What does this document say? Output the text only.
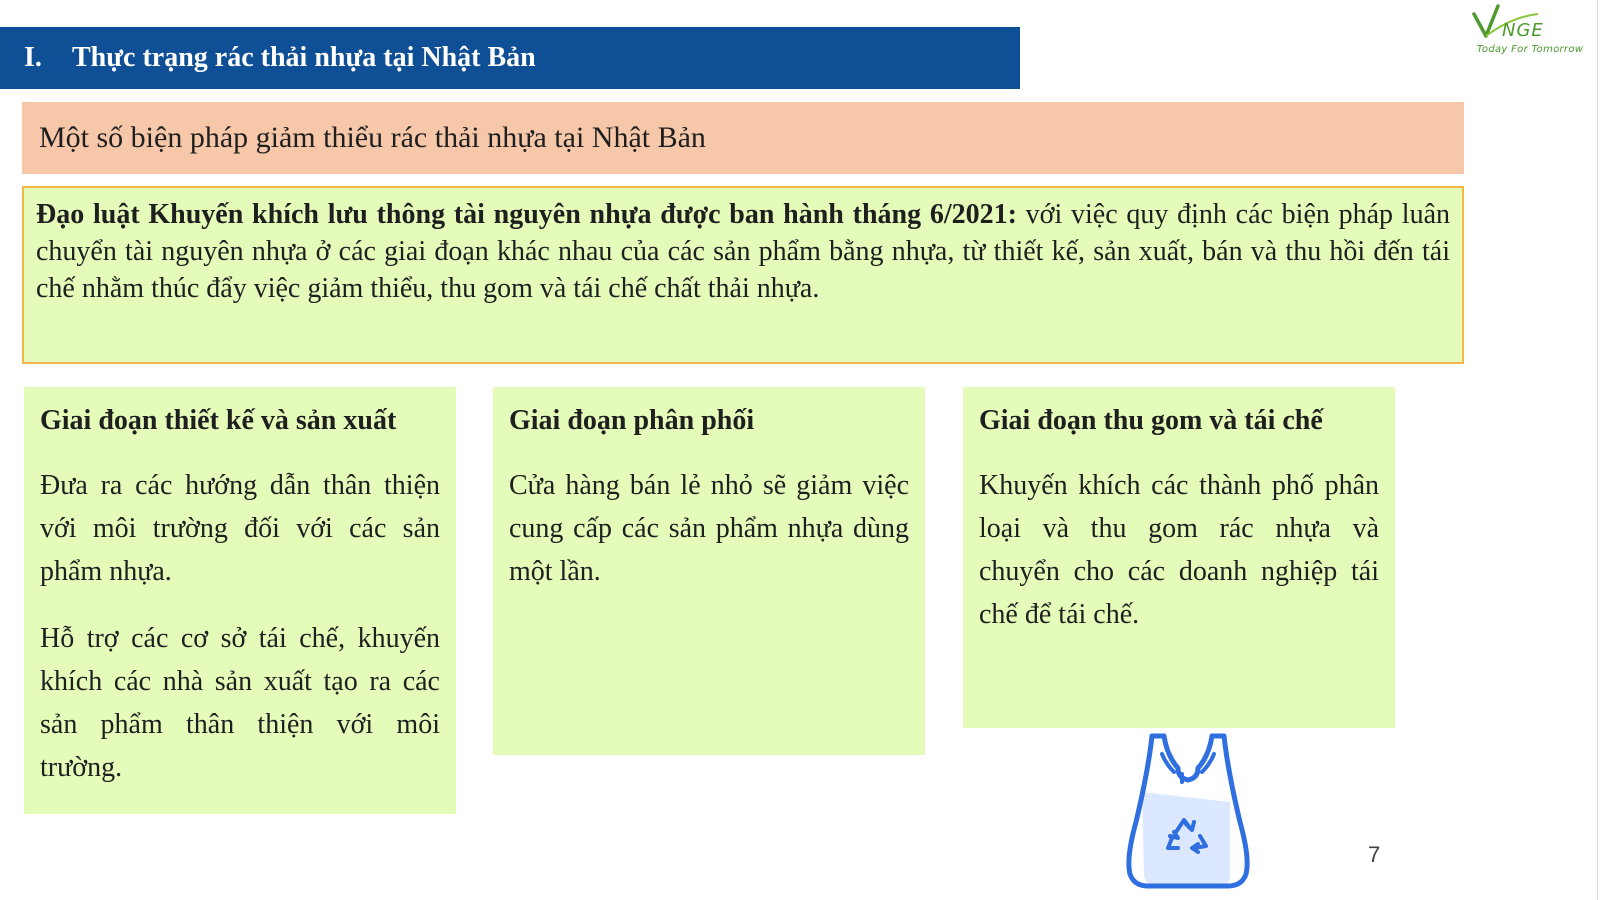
I.	Thực trạng rác thải nhựa tại Nhật Bản
NGE
Today For Tomorrow
Một số biện pháp giảm thiểu rác thải nhựa tại Nhật Bản
Đạo luật Khuyến khích lưu thông tài nguyên nhựa được ban hành tháng 6/2021: với việc quy định các biện pháp luân chuyển tài nguyên nhựa ở các giai đoạn khác nhau của các sản phẩm bằng nhựa, từ thiết kế, sản xuất, bán và thu hồi đến tái chế nhằm thúc đẩy việc giảm thiểu, thu gom và tái chế chất thải nhựa.
Giai đoạn thiết kế và sản xuất

Đưa ra các hướng dẫn thân thiện với môi trường đối với các sản phẩm nhựa.

Hỗ trợ các cơ sở tái chế, khuyến khích các nhà sản xuất tạo ra các sản phẩm thân thiện với môi trường.

Giai đoạn phân phối

Cửa hàng bán lẻ nhỏ sẽ giảm việc cung cấp các sản phẩm nhựa dùng một lần.

Giai đoạn thu gom và tái chế

Khuyến khích các thành phố phân loại và thu gom rác nhựa và chuyển cho các doanh nghiệp tái chế để tái chế.

7
